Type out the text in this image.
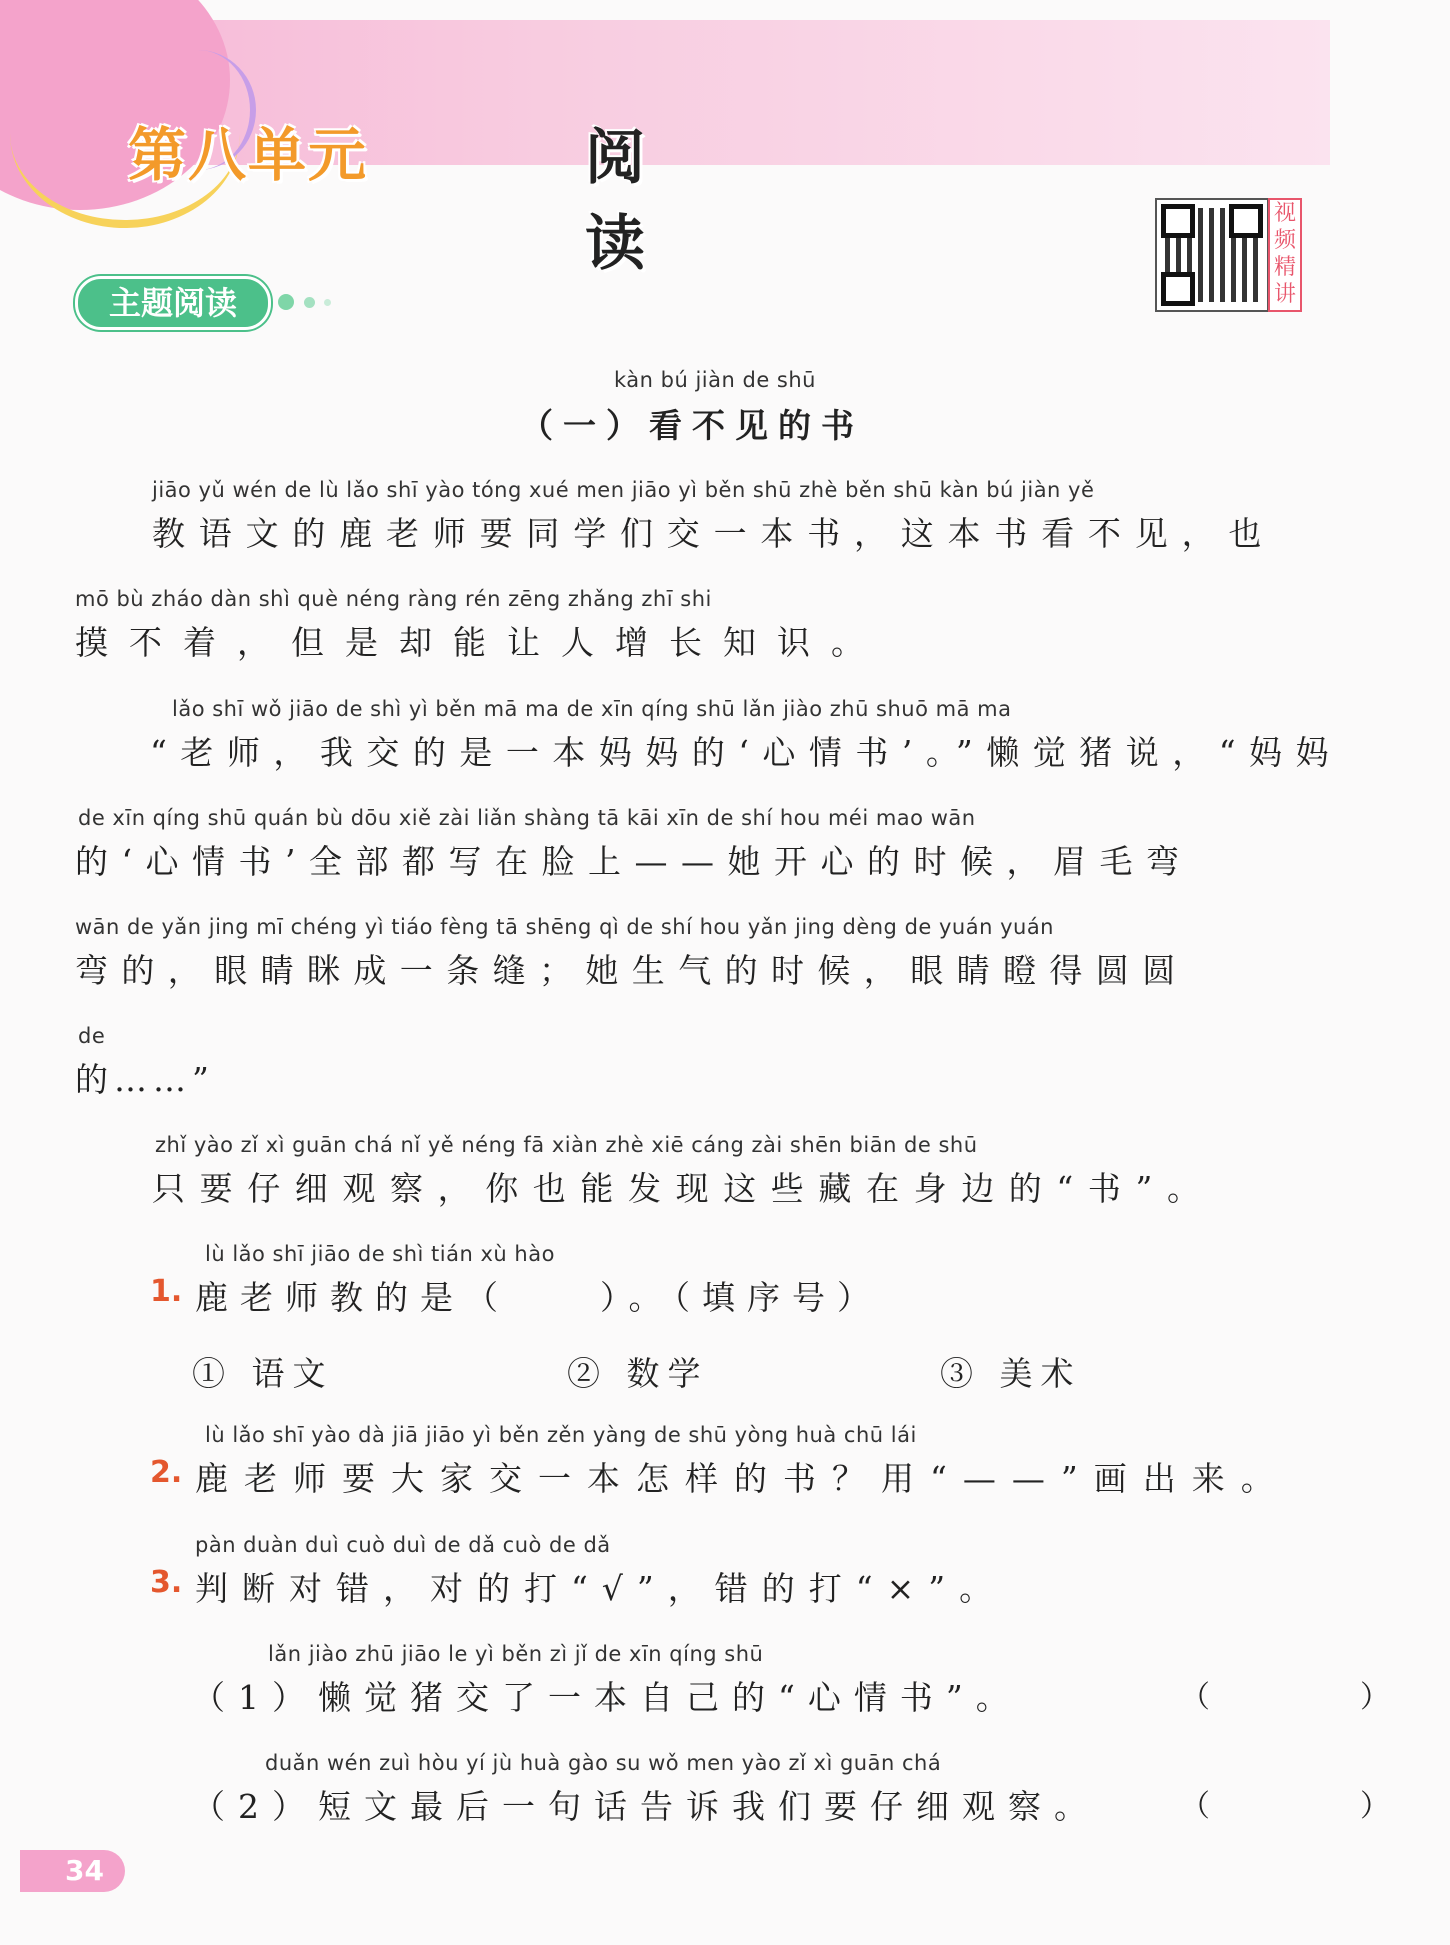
第八单元	阅　读	视频精讲
主题阅读
kàn bú jiàn de shū
（一）看不见的书
jiāo yǔ wén de lù lǎo shī yào tóng xué men jiāo yì běn shū zhè běn shū kàn bú jiàn yě
教语文的鹿老师要同学们交一本书，这本书看不见，也
mō bù zháo dàn shì què néng ràng rén zēng zhǎng zhī shi
摸不着，但是却能让人增长知识。
lǎo shī wǒ jiāo de shì yì běn mā ma de xīn qíng shū lǎn jiào zhū shuō mā ma
“老师，我交的是一本妈妈的‘心情书’。”懒觉猪说，“妈妈
de xīn qíng shū quán bù dōu xiě zài liǎn shàng tā kāi xīn de shí hou méi mao wān
的‘心情书’全部都写在脸上——她开心的时候，眉毛弯
wān de yǎn jing mī chéng yì tiáo fèng tā shēng qì de shí hou yǎn jing dèng de yuán yuán
弯的，眼睛眯成一条缝；她生气的时候，眼睛瞪得圆圆
de
的……”
zhǐ yào zǐ xì guān chá nǐ yě néng fā xiàn zhè xiē cáng zài shēn biān de shū
只要仔细观察，你也能发现这些藏在身边的“书”。
lù lǎo shī jiāo de shì tián xù hào
1. 鹿老师教的是（　　）。（填序号）
① 语文	② 数学	③ 美术
lù lǎo shī yào dà jiā jiāo yì běn zěn yàng de shū yòng huà chū lái
2. 鹿老师要大家交一本怎样的书？用“——”画出来。
pàn duàn duì cuò duì de dǎ cuò de dǎ
3. 判断对错，对的打“√”，错的打“×”。
lǎn jiào zhū jiāo le yì běn zì jǐ de xīn qíng shū
（1）懒觉猪交了一本自己的“心情书”。	（　）
duǎn wén zuì hòu yí jù huà gào su wǒ men yào zǐ xì guān chá
（2）短文最后一句话告诉我们要仔细观察。	（　）
34
